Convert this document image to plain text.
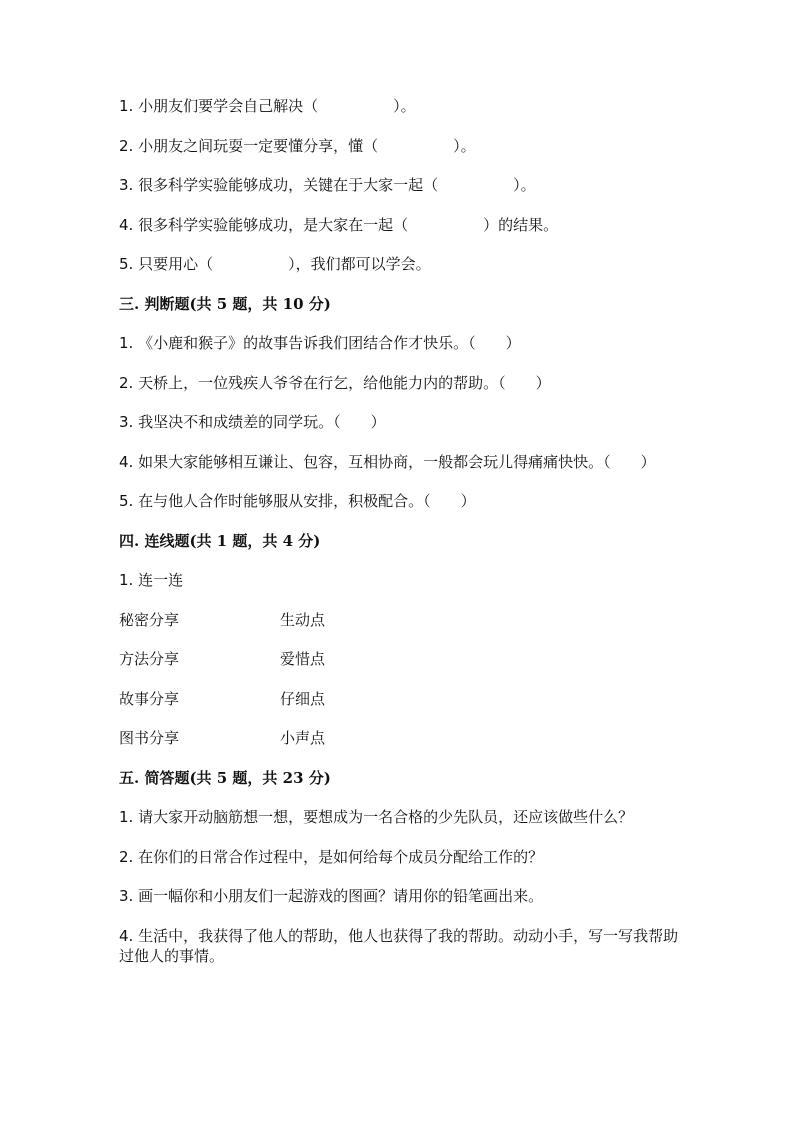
1. 小朋友们要学会自己解决（　　　　　）。
2. 小朋友之间玩耍一定要懂分享，懂（　　　　　）。
3. 很多科学实验能够成功，关键在于大家一起（　　　　　）。
4. 很多科学实验能够成功，是大家在一起（　　　　　）的结果。
5. 只要用心（　　　　　），我们都可以学会。
三. 判断题(共 5 题，共 10 分)
1. 《小鹿和猴子》的故事告诉我们团结合作才快乐。（　　）
2. 天桥上，一位残疾人爷爷在行乞，给他能力内的帮助。（　　）
3. 我坚决不和成绩差的同学玩。（　　）
4. 如果大家能够相互谦让、包容，互相协商，一般都会玩儿得痛痛快快。（　　）
5. 在与他人合作时能够服从安排，积极配合。（　　）
四. 连线题(共 1 题，共 4 分)
1. 连一连
秘密分享	生动点
方法分享	爱惜点
故事分享	仔细点
图书分享	小声点
五. 简答题(共 5 题，共 23 分)
1. 请大家开动脑筋想一想，要想成为一名合格的少先队员，还应该做些什么？
2. 在你们的日常合作过程中，是如何给每个成员分配给工作的？
3. 画一幅你和小朋友们一起游戏的图画？请用你的铅笔画出来。
4. 生活中，我获得了他人的帮助，他人也获得了我的帮助。动动小手，写一写我帮助过他人的事情。
